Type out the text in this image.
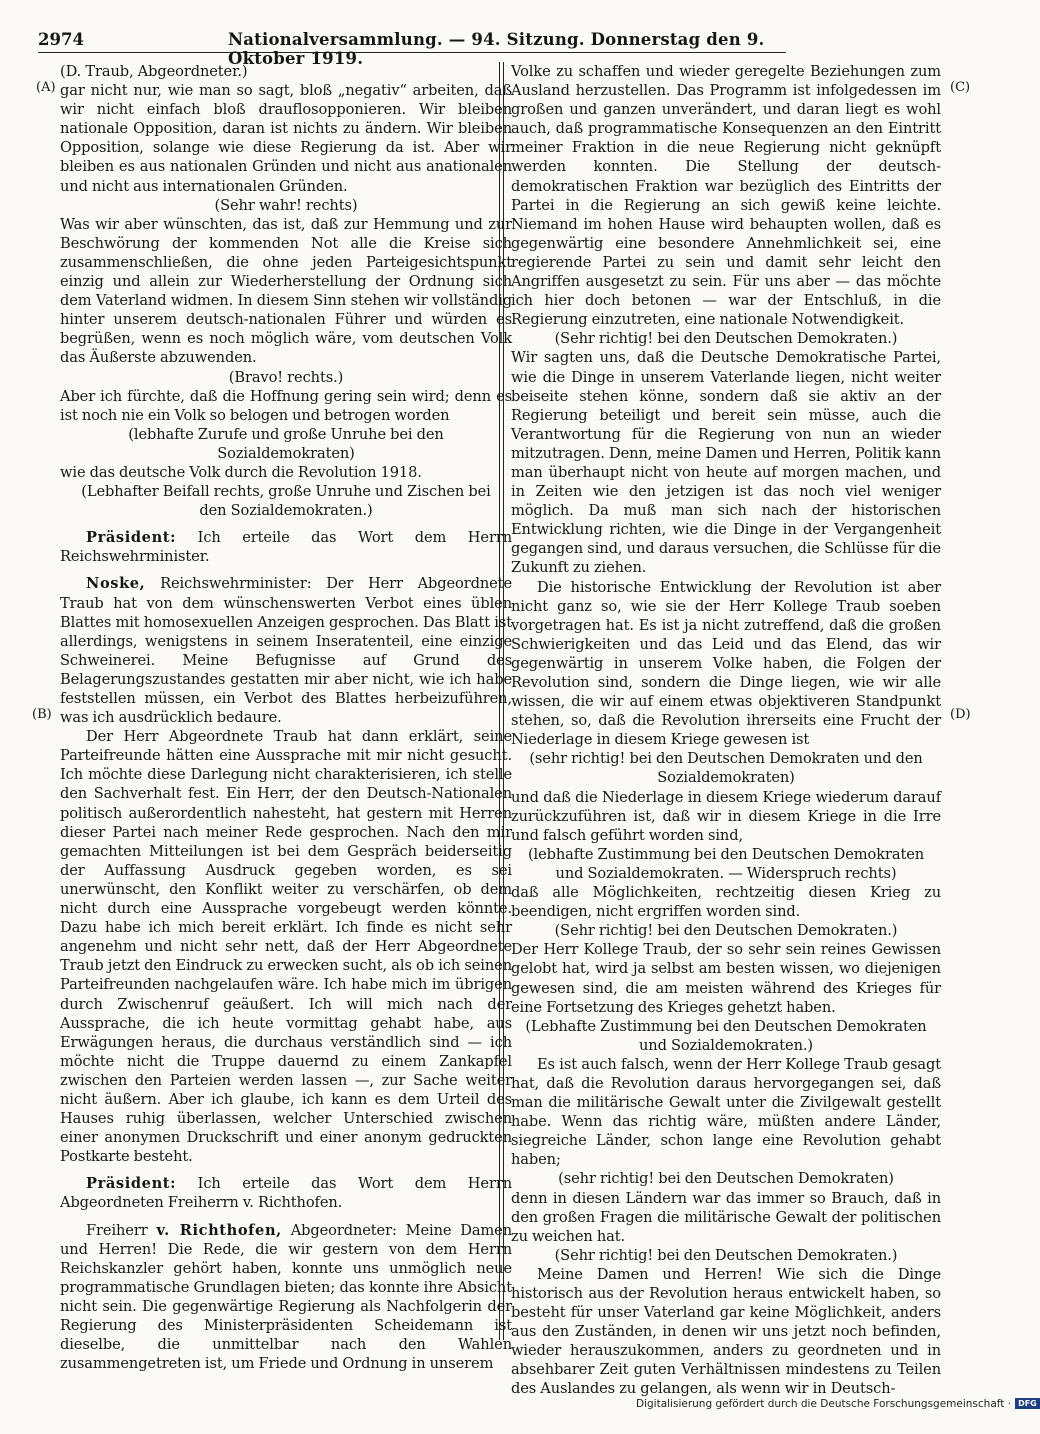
2974	Nationalversammlung. — 94. Sitzung. Donnerstag den 9. Oktober 1919.
(A)
(B)
(C)
(D)

(D. Traub, Abgeordneter.)

gar nicht nur, wie man so sagt, bloß „negativ“ arbeiten, daß wir nicht einfach bloß drauflosopponieren. Wir bleiben nationale Opposition, daran ist nichts zu ändern. Wir bleiben Opposition, solange wie diese Regierung da ist. Aber wir bleiben es aus nationalen Gründen und nicht aus anationalen und nicht aus internationalen Gründen.

(Sehr wahr! rechts)

Was wir aber wünschten, das ist, daß zur Hemmung und zur Beschwörung der kommenden Not alle die Kreise sich zusammenschließen, die ohne jeden Parteigesichtspunkt einzig und allein zur Wiederherstellung der Ordnung sich dem Vaterland widmen. In diesem Sinn stehen wir vollständig hinter unserem deutsch-nationalen Führer und würden es begrüßen, wenn es noch möglich wäre, vom deutschen Volk das Äußerste abzuwenden.

(Bravo! rechts.)

Aber ich fürchte, daß die Hoffnung gering sein wird; denn es ist noch nie ein Volk so belogen und betrogen worden

(lebhafte Zurufe und große Unruhe bei den Sozialdemokraten)

wie das deutsche Volk durch die Revolution 1918.

(Lebhafter Beifall rechts, große Unruhe und Zischen bei den Sozialdemokraten.)

Präsident: Ich erteile das Wort dem Herrn Reichswehrminister.

Noske, Reichswehrminister: Der Herr Abgeordnete Traub hat von dem wünschenswerten Verbot eines üblen Blattes mit homosexuellen Anzeigen gesprochen. Das Blatt ist allerdings, wenigstens in seinem Inseratenteil, eine einzige Schweinerei. Meine Befugnisse auf Grund des Belagerungszustandes gestatten mir aber nicht, wie ich habe feststellen müssen, ein Verbot des Blattes herbeizuführen, was ich ausdrücklich bedaure.

Der Herr Abgeordnete Traub hat dann erklärt, seine Parteifreunde hätten eine Aussprache mit mir nicht gesucht. Ich möchte diese Darlegung nicht charakterisieren, ich stelle den Sachverhalt fest. Ein Herr, der den Deutsch-Nationalen politisch außerordentlich nahesteht, hat gestern mit Herren dieser Partei nach meiner Rede gesprochen. Nach den mir gemachten Mitteilungen ist bei dem Gespräch beiderseitig der Auffassung Ausdruck gegeben worden, es sei unerwünscht, den Konflikt weiter zu verschärfen, ob dem nicht durch eine Aussprache vorgebeugt werden könnte. Dazu habe ich mich bereit erklärt. Ich finde es nicht sehr angenehm und nicht sehr nett, daß der Herr Abgeordnete Traub jetzt den Eindruck zu erwecken sucht, als ob ich seinen Parteifreunden nachgelaufen wäre. Ich habe mich im übrigen durch Zwischenruf geäußert. Ich will mich nach der Aussprache, die ich heute vormittag gehabt habe, aus Erwägungen heraus, die durchaus verständlich sind — ich möchte nicht die Truppe dauernd zu einem Zankapfel zwischen den Parteien werden lassen —, zur Sache weiter nicht äußern. Aber ich glaube, ich kann es dem Urteil des Hauses ruhig überlassen, welcher Unterschied zwischen einer anonymen Druckschrift und einer anonym gedruckten Postkarte besteht.

Präsident: Ich erteile das Wort dem Herrn Abgeordneten Freiherrn v. Richthofen.

Freiherr v. Richthofen, Abgeordneter: Meine Damen und Herren! Die Rede, die wir gestern von dem Herrn Reichskanzler gehört haben, konnte uns unmöglich neue programmatische Grundlagen bieten; das konnte ihre Absicht nicht sein. Die gegenwärtige Regierung als Nachfolgerin der Regierung des Ministerpräsidenten Scheidemann ist dieselbe, die unmittelbar nach den Wahlen zusammengetreten ist, um Friede und Ordnung in unserem

Volke zu schaffen und wieder geregelte Beziehungen zum Ausland herzustellen. Das Programm ist infolgedessen im großen und ganzen unverändert, und daran liegt es wohl auch, daß programmatische Konsequenzen an den Eintritt meiner Fraktion in die neue Regierung nicht geknüpft werden konnten. Die Stellung der deutsch-demokratischen Fraktion war bezüglich des Eintritts der Partei in die Regierung an sich gewiß keine leichte. Niemand im hohen Hause wird behaupten wollen, daß es gegenwärtig eine besondere Annehmlichkeit sei, eine regierende Partei zu sein und damit sehr leicht den Angriffen ausgesetzt zu sein. Für uns aber — das möchte ich hier doch betonen — war der Entschluß, in die Regierung einzutreten, eine nationale Notwendigkeit.

(Sehr richtig! bei den Deutschen Demokraten.)

Wir sagten uns, daß die Deutsche Demokratische Partei, wie die Dinge in unserem Vaterlande liegen, nicht weiter beiseite stehen könne, sondern daß sie aktiv an der Regierung beteiligt und bereit sein müsse, auch die Verantwortung für die Regierung von nun an wieder mitzutragen. Denn, meine Damen und Herren, Politik kann man überhaupt nicht von heute auf morgen machen, und in Zeiten wie den jetzigen ist das noch viel weniger möglich. Da muß man sich nach der historischen Entwicklung richten, wie die Dinge in der Vergangenheit gegangen sind, und daraus versuchen, die Schlüsse für die Zukunft zu ziehen.

Die historische Entwicklung der Revolution ist aber nicht ganz so, wie sie der Herr Kollege Traub soeben vorgetragen hat. Es ist ja nicht zutreffend, daß die großen Schwierigkeiten und das Leid und das Elend, das wir gegenwärtig in unserem Volke haben, die Folgen der Revolution sind, sondern die Dinge liegen, wie wir alle wissen, die wir auf einem etwas objektiveren Standpunkt stehen, so, daß die Revolution ihrerseits eine Frucht der Niederlage in diesem Kriege gewesen ist

(sehr richtig! bei den Deutschen Demokraten und den Sozialdemokraten)

und daß die Niederlage in diesem Kriege wiederum darauf zurückzuführen ist, daß wir in diesem Kriege in die Irre und falsch geführt worden sind,

(lebhafte Zustimmung bei den Deutschen Demokraten und Sozialdemokraten. — Widerspruch rechts)

daß alle Möglichkeiten, rechtzeitig diesen Krieg zu beendigen, nicht ergriffen worden sind.

(Sehr richtig! bei den Deutschen Demokraten.)

Der Herr Kollege Traub, der so sehr sein reines Gewissen gelobt hat, wird ja selbst am besten wissen, wo diejenigen gewesen sind, die am meisten während des Krieges für eine Fortsetzung des Krieges gehetzt haben.

(Lebhafte Zustimmung bei den Deutschen Demokraten und Sozialdemokraten.)

Es ist auch falsch, wenn der Herr Kollege Traub gesagt hat, daß die Revolution daraus hervorgegangen sei, daß man die militärische Gewalt unter die Zivilgewalt gestellt habe. Wenn das richtig wäre, müßten andere Länder, siegreiche Länder, schon lange eine Revolution gehabt haben;

(sehr richtig! bei den Deutschen Demokraten)

denn in diesen Ländern war das immer so Brauch, daß in den großen Fragen die militärische Gewalt der politischen zu weichen hat.

(Sehr richtig! bei den Deutschen Demokraten.)

Meine Damen und Herren! Wie sich die Dinge historisch aus der Revolution heraus entwickelt haben, so besteht für unser Vaterland gar keine Möglichkeit, anders aus den Zuständen, in denen wir uns jetzt noch befinden, wieder herauszukommen, anders zu geordneten und in absehbarer Zeit guten Verhältnissen mindestens zu Teilen des Auslandes zu gelangen, als wenn wir in Deutsch-

Digitalisierung gefördert durch die Deutsche Forschungsgemeinschaft · DFG
